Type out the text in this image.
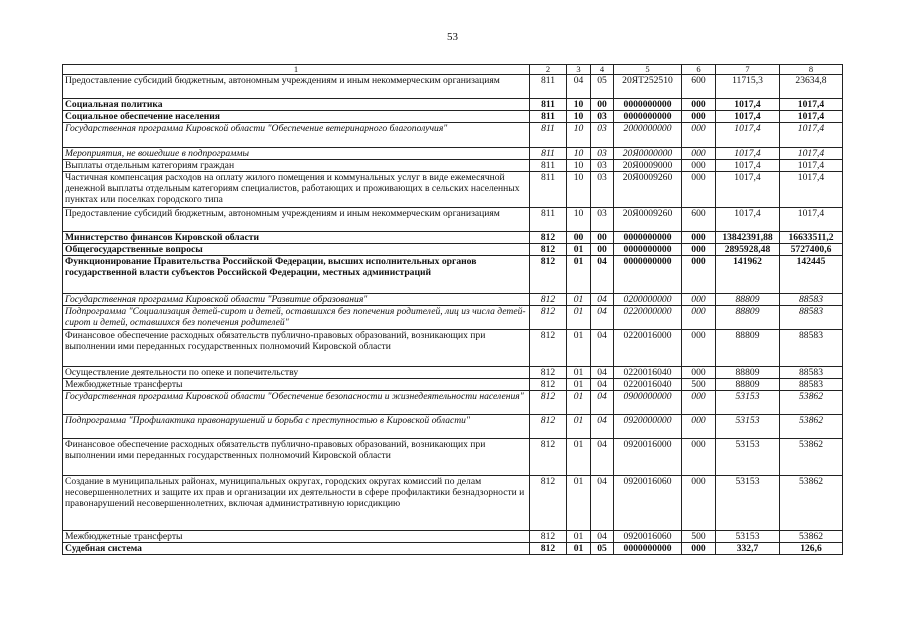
53
1	2	3	4	5	6	7	8
Предоставление субсидий бюджетным, автономным учреждениям и иным некоммерческим организациям	811	04	05	20ЯТ252510	600	11715,3	23634,8
Социальная политика	811	10	00	0000000000	000	1017,4	1017,4
Социальное обеспечение населения	811	10	03	0000000000	000	1017,4	1017,4
Государственная программа Кировской области "Обеспечение ветеринарного благополучия"	811	10	03	2000000000	000	1017,4	1017,4
Мероприятия, не вошедшие в подпрограммы	811	10	03	20Я0000000	000	1017,4	1017,4
Выплаты отдельным категориям граждан	811	10	03	20Я0009000	000	1017,4	1017,4
Частичная компенсация расходов на оплату жилого помещения и коммунальных услуг в виде ежемесячной денежной выплаты отдельным категориям специалистов, работающих и проживающих в сельских населенных пунктах или поселках городского типа	811	10	03	20Я0009260	000	1017,4	1017,4
Предоставление субсидий бюджетным, автономным учреждениям и иным некоммерческим организациям	811	10	03	20Я0009260	600	1017,4	1017,4
Министерство финансов Кировской области	812	00	00	0000000000	000	13842391,88	16633511,2
Общегосударственные вопросы	812	01	00	0000000000	000	2895928,48	5727400,6
Функционирование Правительства Российской Федерации, высших исполнительных органов государственной власти субъектов Российской Федерации, местных администраций	812	01	04	0000000000	000	141962	142445
Государственная программа Кировской области "Развитие образования"	812	01	04	0200000000	000	88809	88583
Подпрограмма "Социализация детей-сирот и детей, оставшихся без попечения родителей, лиц из числа детей-сирот и детей, оставшихся без попечения родителей"	812	01	04	0220000000	000	88809	88583
Финансовое обеспечение расходных обязательств публично-правовых образований, возникающих при выполнении ими переданных государственных полномочий Кировской области	812	01	04	0220016000	000	88809	88583
Осуществление деятельности по опеке и попечительству	812	01	04	0220016040	000	88809	88583
Межбюджетные трансферты	812	01	04	0220016040	500	88809	88583
Государственная программа Кировской области "Обеспечение безопасности и жизнедеятельности населения"	812	01	04	0900000000	000	53153	53862
Подпрограмма "Профилактика правонарушений и борьба с преступностью в Кировской области"	812	01	04	0920000000	000	53153	53862
Финансовое обеспечение расходных обязательств публично-правовых образований, возникающих при выполнении ими переданных государственных полномочий Кировской области	812	01	04	0920016000	000	53153	53862
Создание в муниципальных районах, муниципальных округах, городских округах комиссий по делам несовершеннолетних и защите их прав и организации их деятельности в сфере профилактики безнадзорности и правонарушений несовершеннолетних, включая административную юрисдикцию	812	01	04	0920016060	000	53153	53862
Межбюджетные трансферты	812	01	04	0920016060	500	53153	53862
Судебная система	812	01	05	0000000000	000	332,7	126,6
